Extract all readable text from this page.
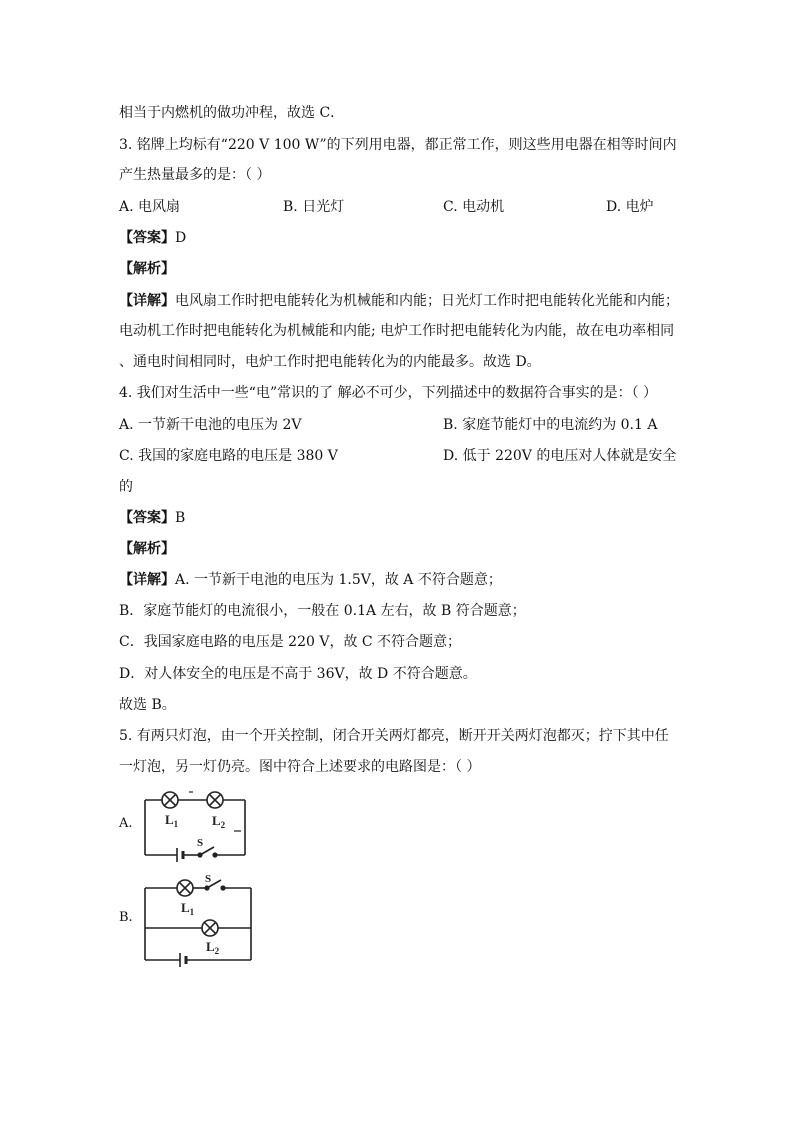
相当于内燃机的做功冲程，故选 C．
3. 铭牌上均标有“220 V 100 W”的下列用电器，都正常工作，则这些用电器在相等时间内
产生热量最多的是：（ ）
A. 电风扇	B. 日光灯	C. 电动机	D. 电炉
【答案】D
【解析】
【详解】电风扇工作时把电能转化为机械能和内能；日光灯工作时把电能转化光能和内能；
电动机工作时把电能转化为机械能和内能; 电炉工作时把电能转化为内能，故在电功率相同
、通电时间相同时，电炉工作时把电能转化为的内能最多。故选 D。
4. 我们对生活中一些“电”常识的了 解必不可少，下列描述中的数据符合事实的是：（ ）
A. 一节新干电池的电压为 2V	B. 家庭节能灯中的电流约为 0.1 A
C. 我国的家庭电路的电压是 380 V	D. 低于 220V 的电压对人体就是安全
的
【答案】B
【解析】
【详解】A. 一节新干电池的电压为 1.5V，故 A 不符合题意；
B．家庭节能灯的电流很小，一般在 0.1A 左右，故 B 符合题意；
C．我国家庭电路的电压是 220 V，故 C 不符合题意；
D．对人体安全的电压是不高于 36V，故 D 不符合题意。
故选 B。
5. 有两只灯泡，由一个开关控制，闭合开关两灯都亮，断开开关两灯泡都灭；拧下其中任
一灯泡，另一灯仍亮。图中符合上述要求的电路图是：（ ）
A. $L_1$	$L_2$
S
B.
$L_1$
$L_2$
S
